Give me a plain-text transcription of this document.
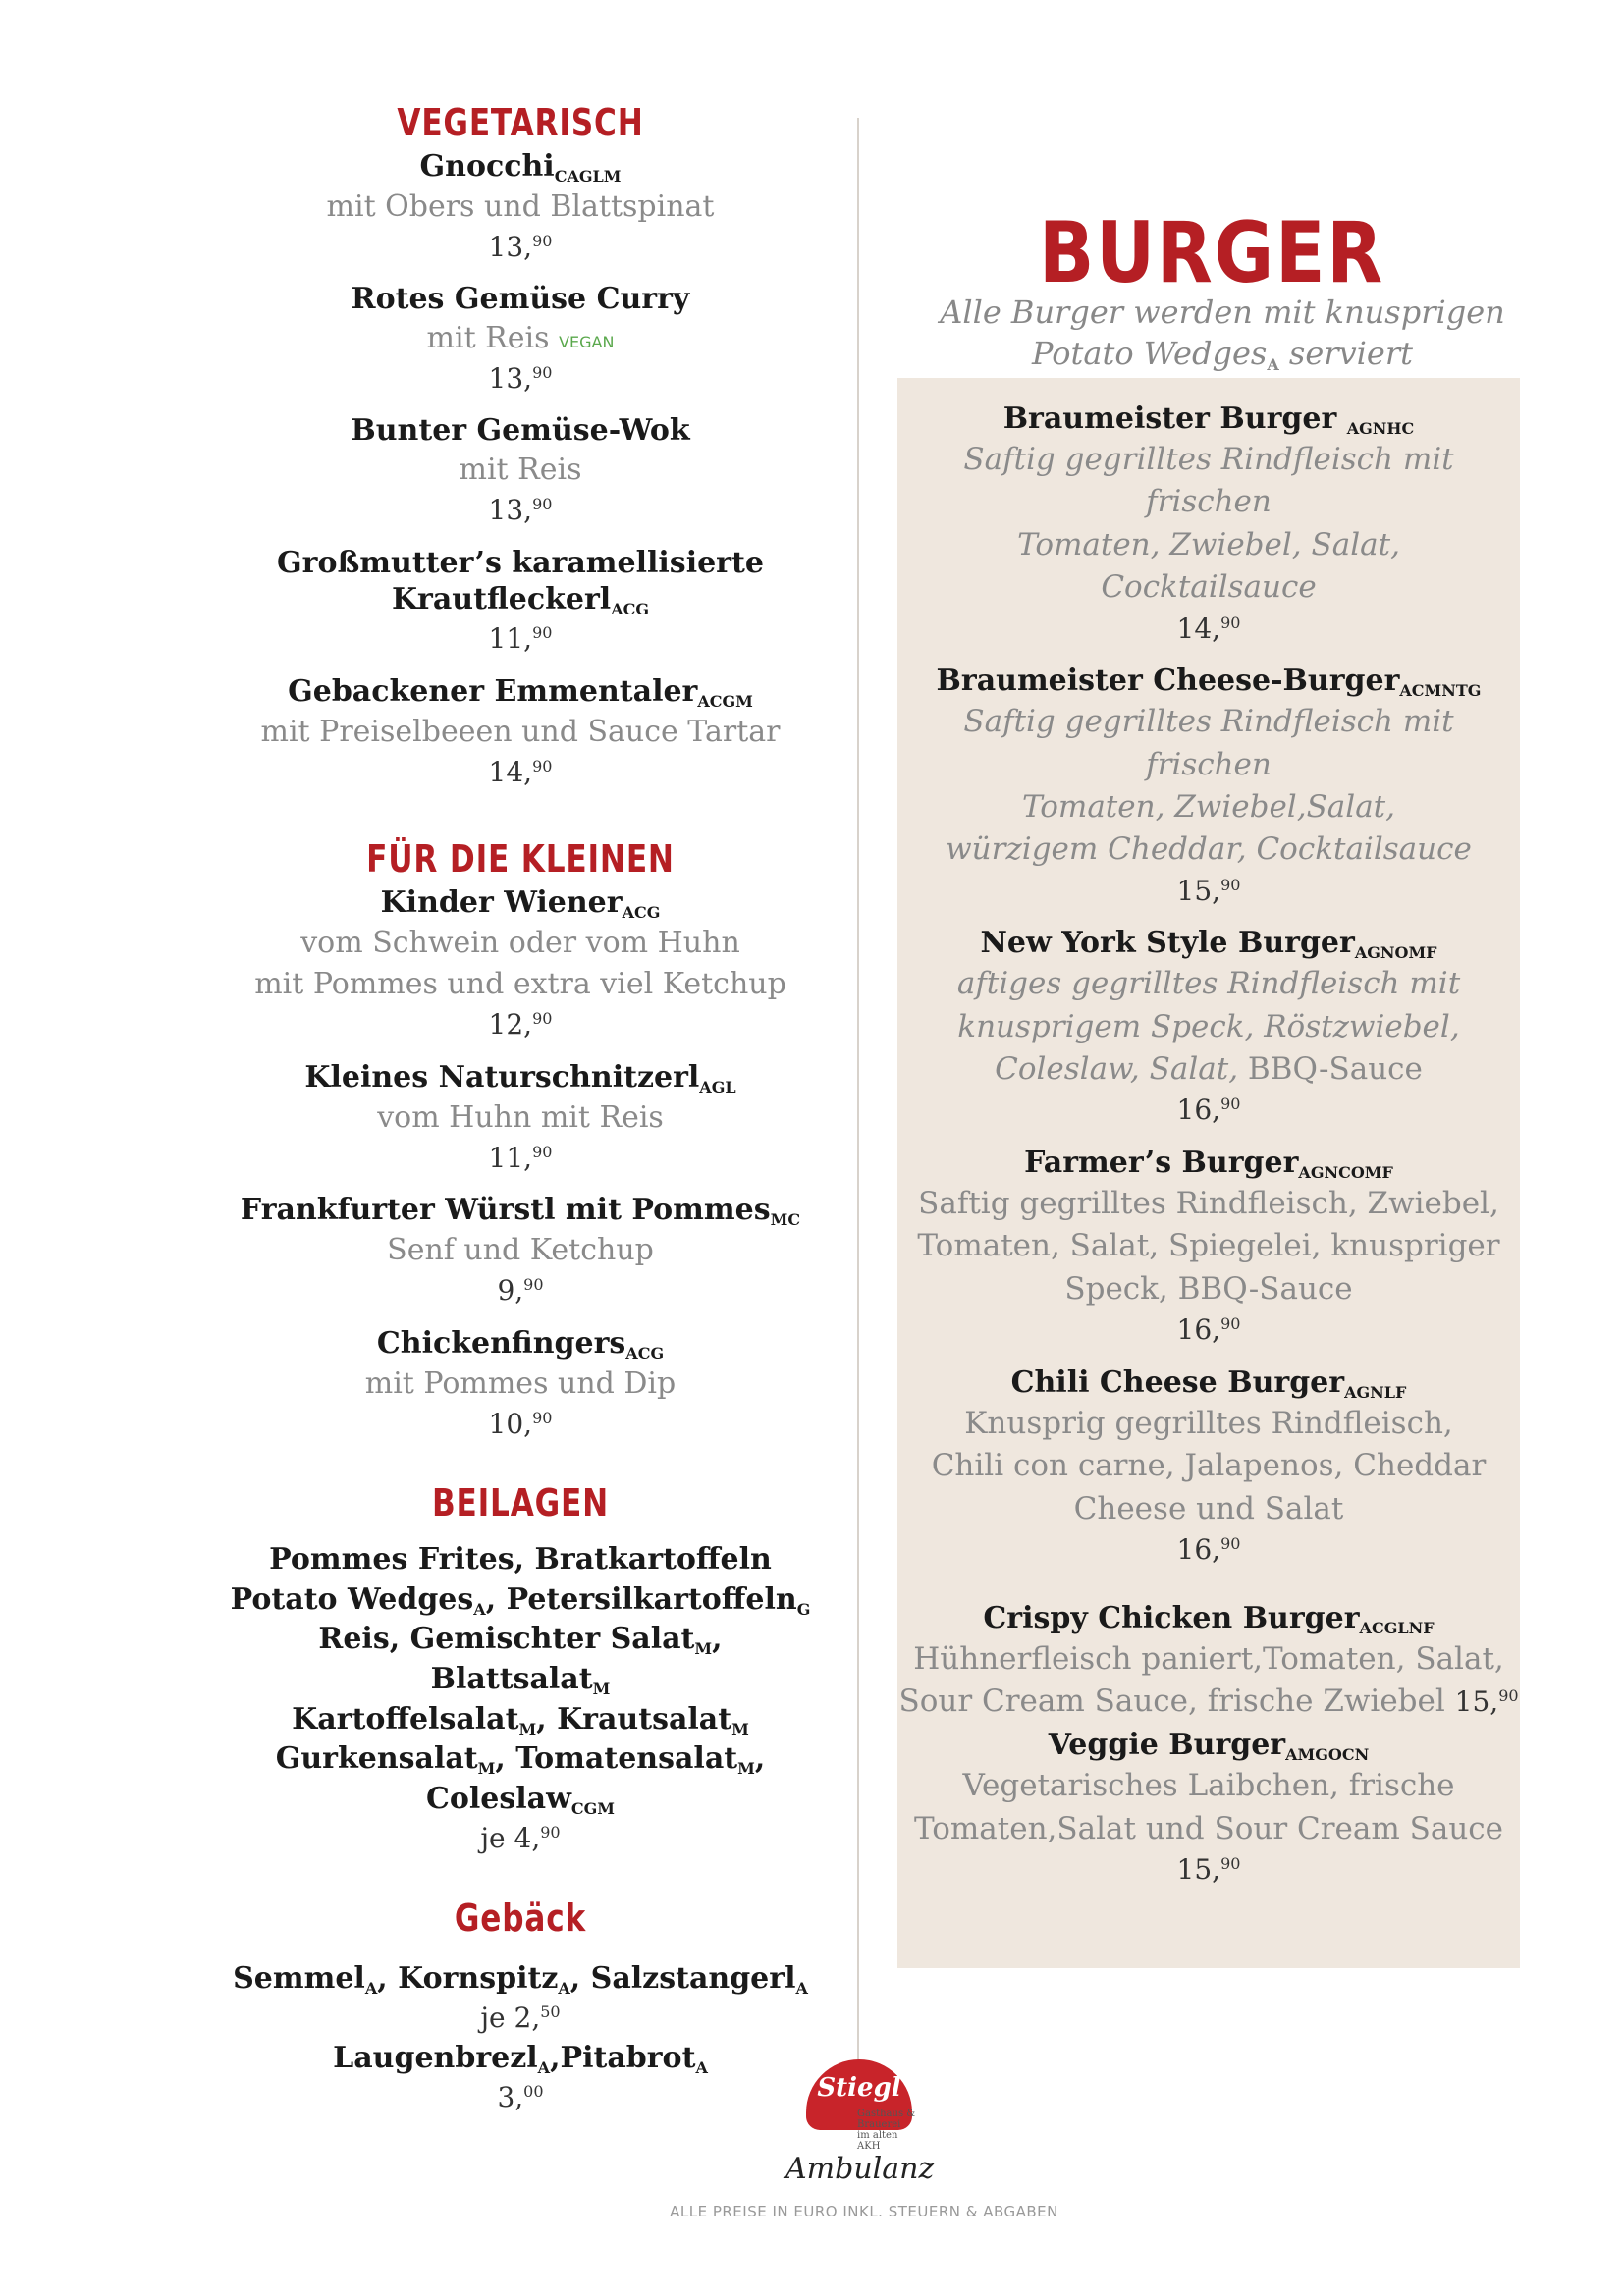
VEGETARISCH
Gnocchi$_{CAGLM}$
mit Obers und Blattspinat
13,90
Rotes Gemüse Curry
mit Reis VEGAN
13,90
Bunter Gemüse-Wok
mit Reis
13,90
Großmutter’s karamellisierte
Krautfleckerl$_{ACG}$
11,90
Gebackener Emmentaler$_{ACGM}$
mit Preiselbeeen und Sauce Tartar
14,90
FÜR DIE KLEINEN
Kinder Wiener$_{ACG}$
vom Schwein oder vom Huhn
mit Pommes und extra viel Ketchup
12,90
Kleines Naturschnitzerl$_{AGL}$
vom Huhn mit Reis
11,90
Frankfurter Würstl mit Pommes$_{MC}$
Senf und Ketchup
9,90
Chickenfingers$_{ACG}$
mit Pommes und Dip
10,90
BEILAGEN
Pommes Frites, Bratkartoffeln
Potato Wedges$_A$, Petersilkartoffeln$_G$
Reis, Gemischter Salat$_M$, Blattsalat$_M$
Kartoffelsalat$_M$, Krautsalat$_M$
Gurkensalat$_M$, Tomatensalat$_M$,
Coleslaw$_{CGM}$
je 4,90
Gebäck
Semmel$_A$, Kornspitz$_A$, Salzstangerl$_A$
je 2,50
Laugenbrezl$_A$,Pitabrot$_A$
3,00
BURGER
Alle Burger werden mit knusprigen
Potato Wedges$_A$ serviert
Braumeister Burger $_{AGNHC}$
Saftig gegrilltes Rindfleisch mit frischen
Tomaten, Zwiebel, Salat,
Cocktailsauce
14,90
Braumeister Cheese-Burger$_{ACMNTG}$
Saftig gegrilltes Rindfleisch mit frischen
Tomaten, Zwiebel,Salat,
würzigem Cheddar, Cocktailsauce
15,90
New York Style Burger$_{AGNOMF}$
aftiges gegrilltes Rindfleisch mit
knusprigem Speck, Röstzwiebel,
Coleslaw, Salat, BBQ-Sauce
16,90
Farmer’s Burger$_{AGNCOMF}$
Saftig gegrilltes Rindfleisch, Zwiebel,
Tomaten, Salat, Spiegelei, knuspriger
Speck, BBQ-Sauce
16,90
Chili Cheese Burger$_{AGNLF}$
Knusprig gegrilltes Rindfleisch,
Chili con carne, Jalapenos, Cheddar
Cheese und Salat
16,90
Crispy Chicken Burger$_{ACGLNF}$
Hühnerfleisch paniert,Tomaten, Salat,
Sour Cream Sauce, frische Zwiebel 15,90
Veggie Burger$_{AMGOCN}$
Vegetarisches Laibchen, frische
Tomaten,Salat und Sour Cream Sauce
15,90
Stiegl
Gasthaus & Brauerei im alten AKH
Ambulanz
ALLE PREISE IN EURO INKL. STEUERN & ABGABEN
